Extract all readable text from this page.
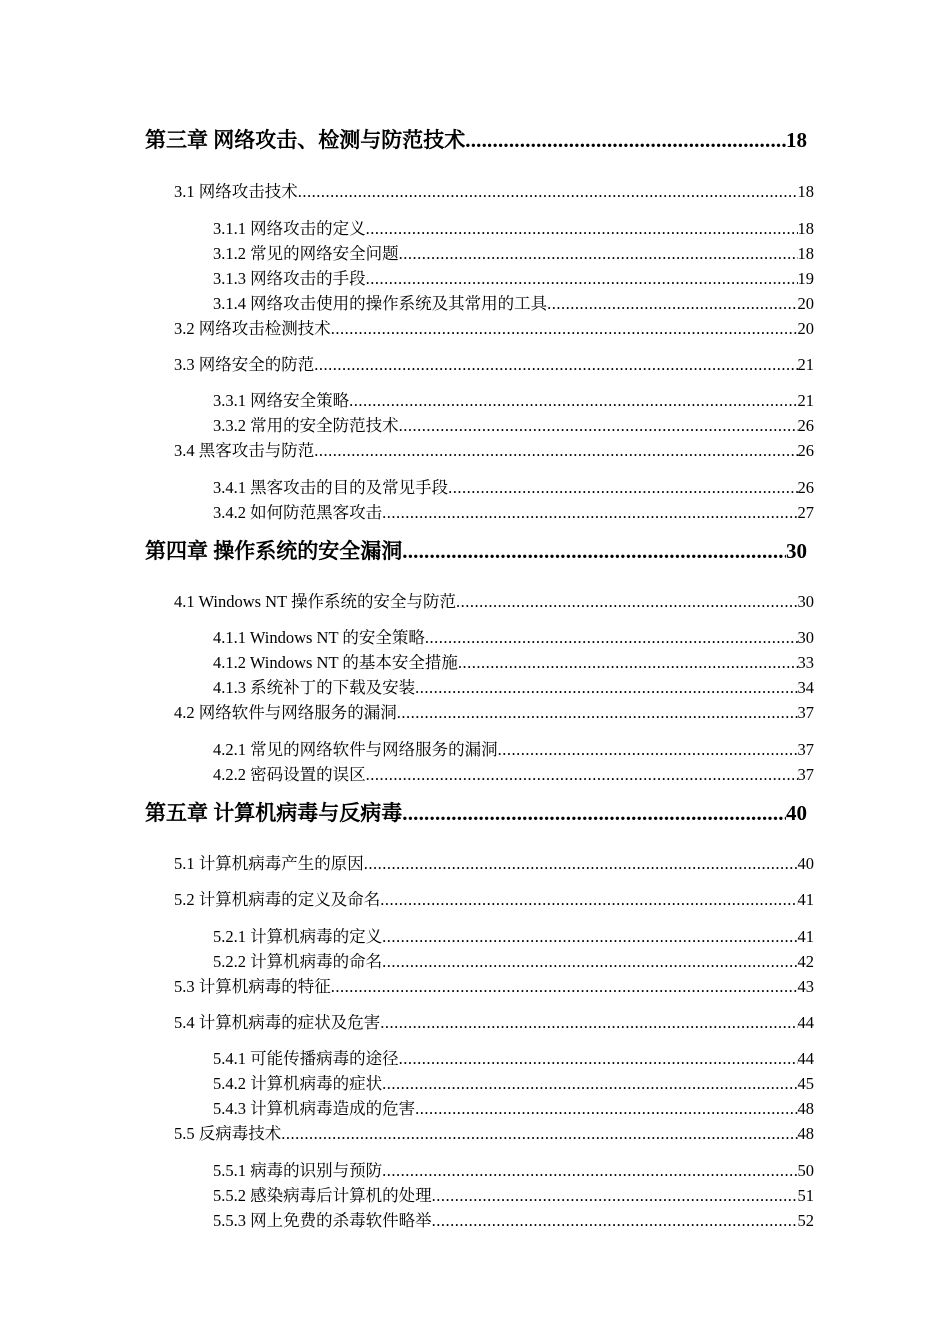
第三章 网络攻击、检测与防范技术 .....	18
3.1 网络攻击技术 .....	18
3.1.1 网络攻击的定义 .....	18
3.1.2 常见的网络安全问题 .....	18
3.1.3 网络攻击的手段 .....	19
3.1.4 网络攻击使用的操作系统及其常用的工具 .....	20
3.2 网络攻击检测技术 .....	20
3.3 网络安全的防范 .....	21
3.3.1 网络安全策略 .....	21
3.3.2 常用的安全防范技术 .....	26
3.4 黑客攻击与防范 .....	26
3.4.1 黑客攻击的目的及常见手段 .....	26
3.4.2 如何防范黑客攻击 .....	27
第四章 操作系统的安全漏洞 .....	30
4.1 Windows NT 操作系统的安全与防范 .....	30
4.1.1 Windows NT 的安全策略 .....	30
4.1.2 Windows NT 的基本安全措施 .....	33
4.1.3 系统补丁的下载及安装 .....	34
4.2 网络软件与网络服务的漏洞 .....	37
4.2.1 常见的网络软件与网络服务的漏洞 .....	37
4.2.2 密码设置的误区 .....	37
第五章 计算机病毒与反病毒 .....	40
5.1 计算机病毒产生的原因 .....	40
5.2 计算机病毒的定义及命名 .....	41
5.2.1 计算机病毒的定义 .....	41
5.2.2 计算机病毒的命名 .....	42
5.3 计算机病毒的特征 .....	43
5.4 计算机病毒的症状及危害 .....	44
5.4.1 可能传播病毒的途径 .....	44
5.4.2 计算机病毒的症状 .....	45
5.4.3 计算机病毒造成的危害 .....	48
5.5 反病毒技术 .....	48
5.5.1 病毒的识别与预防 .....	50
5.5.2 感染病毒后计算机的处理 .....	51
5.5.3 网上免费的杀毒软件略举 .....	52
